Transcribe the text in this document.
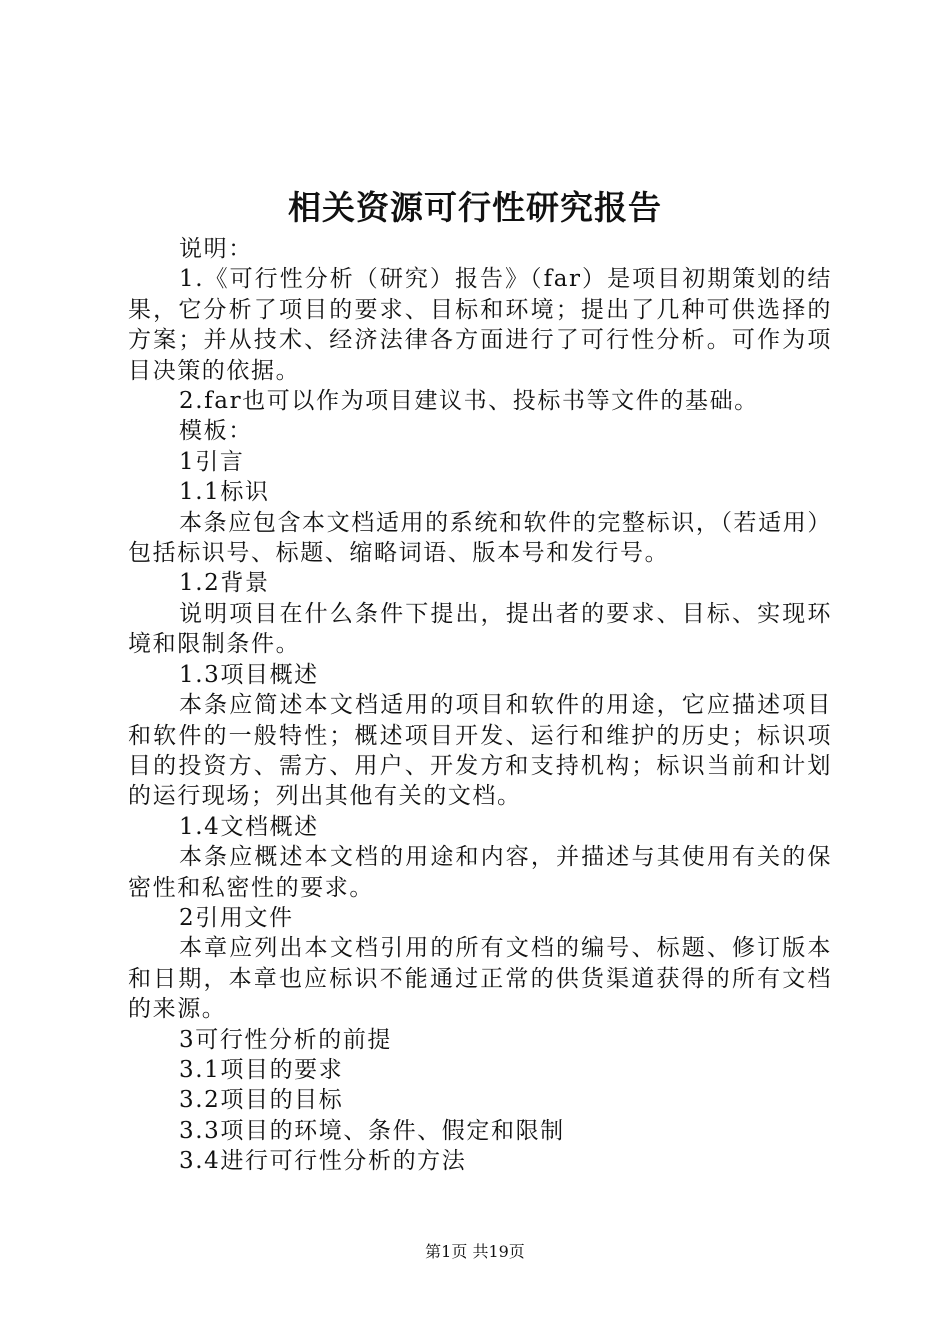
相关资源可行性研究报告

说明：

1.《可行性分析（研究）报告》（far）是项目初期策划的结果，它分析了项目的要求、目标和环境；提出了几种可供选择的方案；并从技术、经济法律各方面进行了可行性分析。可作为项目决策的依据。

2.far也可以作为项目建议书、投标书等文件的基础。

模板：

1引言

1.1标识

本条应包含本文档适用的系统和软件的完整标识，（若适用）包括标识号、标题、缩略词语、版本号和发行号。

1.2背景

说明项目在什么条件下提出，提出者的要求、目标、实现环境和限制条件。

1.3项目概述

本条应简述本文档适用的项目和软件的用途，它应描述项目和软件的一般特性；概述项目开发、运行和维护的历史；标识项目的投资方、需方、用户、开发方和支持机构；标识当前和计划的运行现场；列出其他有关的文档。

1.4文档概述

本条应概述本文档的用途和内容，并描述与其使用有关的保密性和私密性的要求。

2引用文件

本章应列出本文档引用的所有文档的编号、标题、修订版本和日期，本章也应标识不能通过正常的供货渠道获得的所有文档的来源。

3可行性分析的前提

3.1项目的要求

3.2项目的目标

3.3项目的环境、条件、假定和限制

3.4进行可行性分析的方法

第1页 共19页
